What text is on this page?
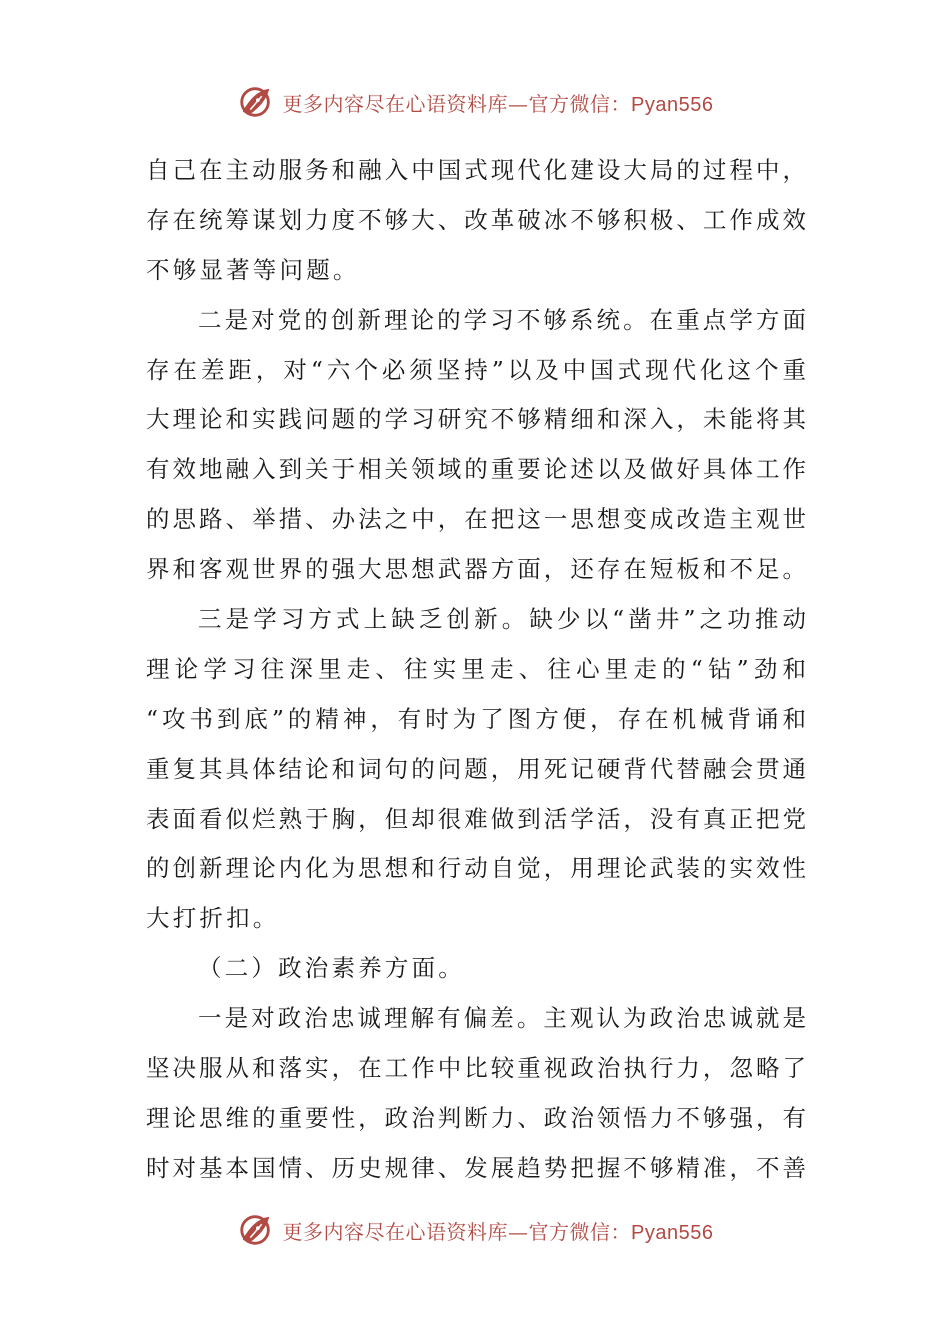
更多内容尽在心语资料库—官方微信：Pyan556
自己在主动服务和融入中国式现代化建设大局的过程中，
存在统筹谋划力度不够大、改革破冰不够积极、工作成效
不够显著等问题。
二是对党的创新理论的学习不够系统。在重点学方面
存在差距，对“六个必须坚持”以及中国式现代化这个重
大理论和实践问题的学习研究不够精细和深入，未能将其
有效地融入到关于相关领域的重要论述以及做好具体工作
的思路、举措、办法之中，在把这一思想变成改造主观世
界和客观世界的强大思想武器方面，还存在短板和不足。
三是学习方式上缺乏创新。缺少以“凿井”之功推动
理论学习往深里走、往实里走、往心里走的“钻”劲和
“攻书到底”的精神，有时为了图方便，存在机械背诵和
重复其具体结论和词句的问题，用死记硬背代替融会贯通
表面看似烂熟于胸，但却很难做到活学活，没有真正把党
的创新理论内化为思想和行动自觉，用理论武装的实效性
大打折扣。
（二）政治素养方面。
一是对政治忠诚理解有偏差。主观认为政治忠诚就是
坚决服从和落实，在工作中比较重视政治执行力，忽略了
理论思维的重要性，政治判断力、政治领悟力不够强，有
时对基本国情、历史规律、发展趋势把握不够精准，不善
更多内容尽在心语资料库—官方微信：Pyan556
